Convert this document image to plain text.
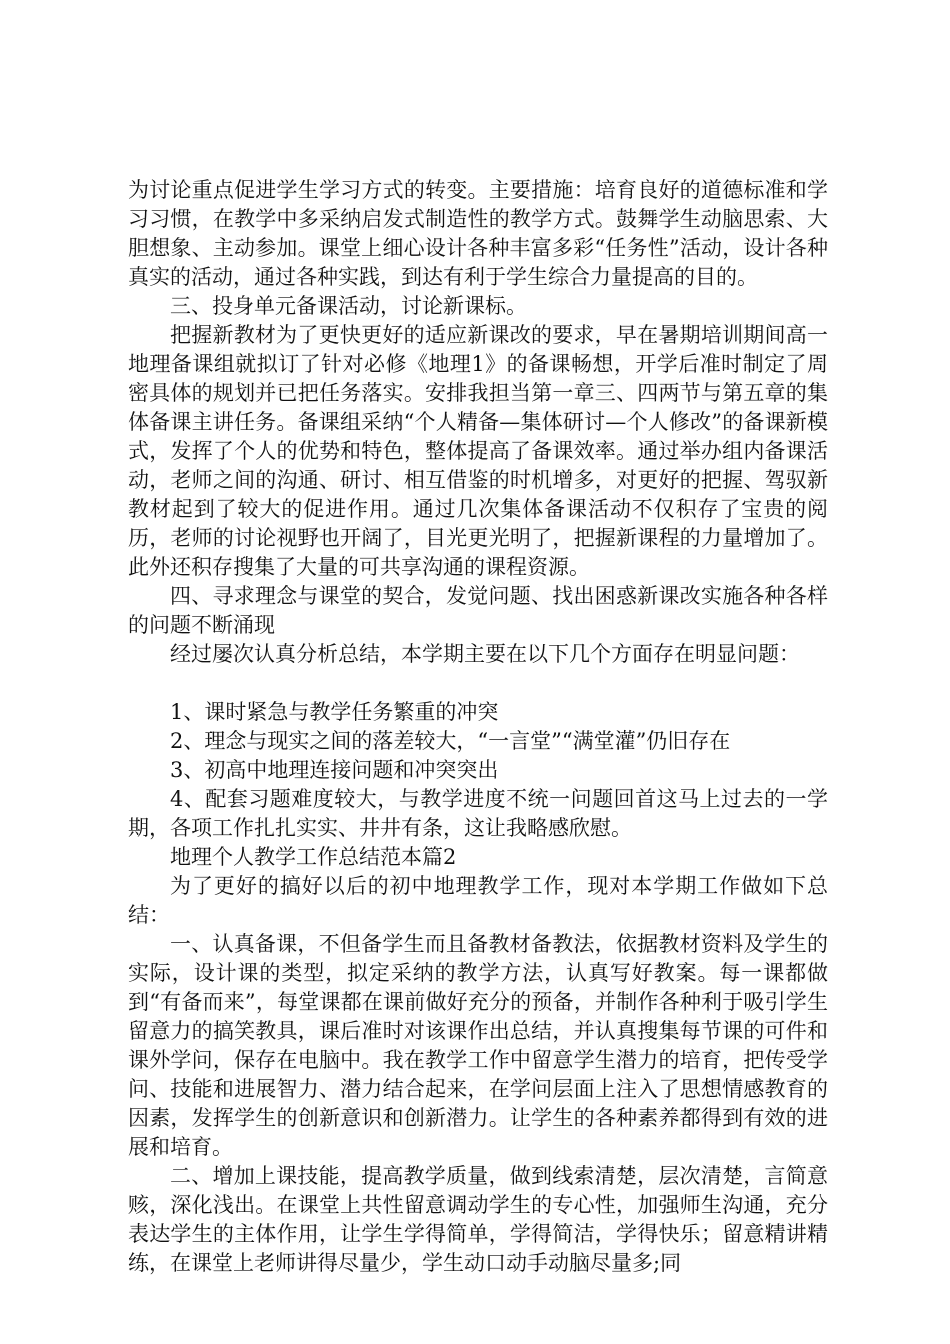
为讨论重点促进学生学习方式的转变。主要措施：培育良好的道德标准和学习习惯，在教学中多采纳启发式制造性的教学方式。鼓舞学生动脑思索、大胆想象、主动参加。课堂上细心设计各种丰富多彩“任务性”活动，设计各种真实的活动，通过各种实践，到达有利于学生综合力量提高的目的。

三、投身单元备课活动，讨论新课标。

把握新教材为了更快更好的适应新课改的要求，早在暑期培训期间高一地理备课组就拟订了针对必修《地理1》的备课畅想，开学后准时制定了周密具体的规划并已把任务落实。安排我担当第一章三、四两节与第五章的集体备课主讲任务。备课组采纳“个人精备—集体研讨—个人修改”的备课新模式，发挥了个人的优势和特色，整体提高了备课效率。通过举办组内备课活动，老师之间的沟通、研讨、相互借鉴的时机增多，对更好的把握、驾驭新教材起到了较大的促进作用。通过几次集体备课活动不仅积存了宝贵的阅历，老师的讨论视野也开阔了，目光更光明了，把握新课程的力量增加了。此外还积存搜集了大量的可共享沟通的课程资源。

四、寻求理念与课堂的契合，发觉问题、找出困惑新课改实施各种各样的问题不断涌现

经过屡次认真分析总结，本学期主要在以下几个方面存在明显问题：

1、课时紧急与教学任务繁重的冲突

2、理念与现实之间的落差较大，“一言堂”“满堂灌”仍旧存在

3、初高中地理连接问题和冲突突出

4、配套习题难度较大，与教学进度不统一问题回首这马上过去的一学期，各项工作扎扎实实、井井有条，这让我略感欣慰。

地理个人教学工作总结范本篇2

为了更好的搞好以后的初中地理教学工作，现对本学期工作做如下总结：

一、认真备课，不但备学生而且备教材备教法，依据教材资料及学生的实际，设计课的类型，拟定采纳的教学方法，认真写好教案。每一课都做到“有备而来”，每堂课都在课前做好充分的预备，并制作各种利于吸引学生留意力的搞笑教具，课后准时对该课作出总结，并认真搜集每节课的可件和课外学问，保存在电脑中。我在教学工作中留意学生潜力的培育，把传受学问、技能和进展智力、潜力结合起来，在学问层面上注入了思想情感教育的因素，发挥学生的创新意识和创新潜力。让学生的各种素养都得到有效的进展和培育。

二、增加上课技能，提高教学质量，做到线索清楚，层次清楚，言简意赅，深化浅出。在课堂上共性留意调动学生的专心性，加强师生沟通，充分表达学生的主体作用，让学生学得简单，学得简洁，学得快乐；留意精讲精练，在课堂上老师讲得尽量少，学生动口动手动脑尽量多;同
